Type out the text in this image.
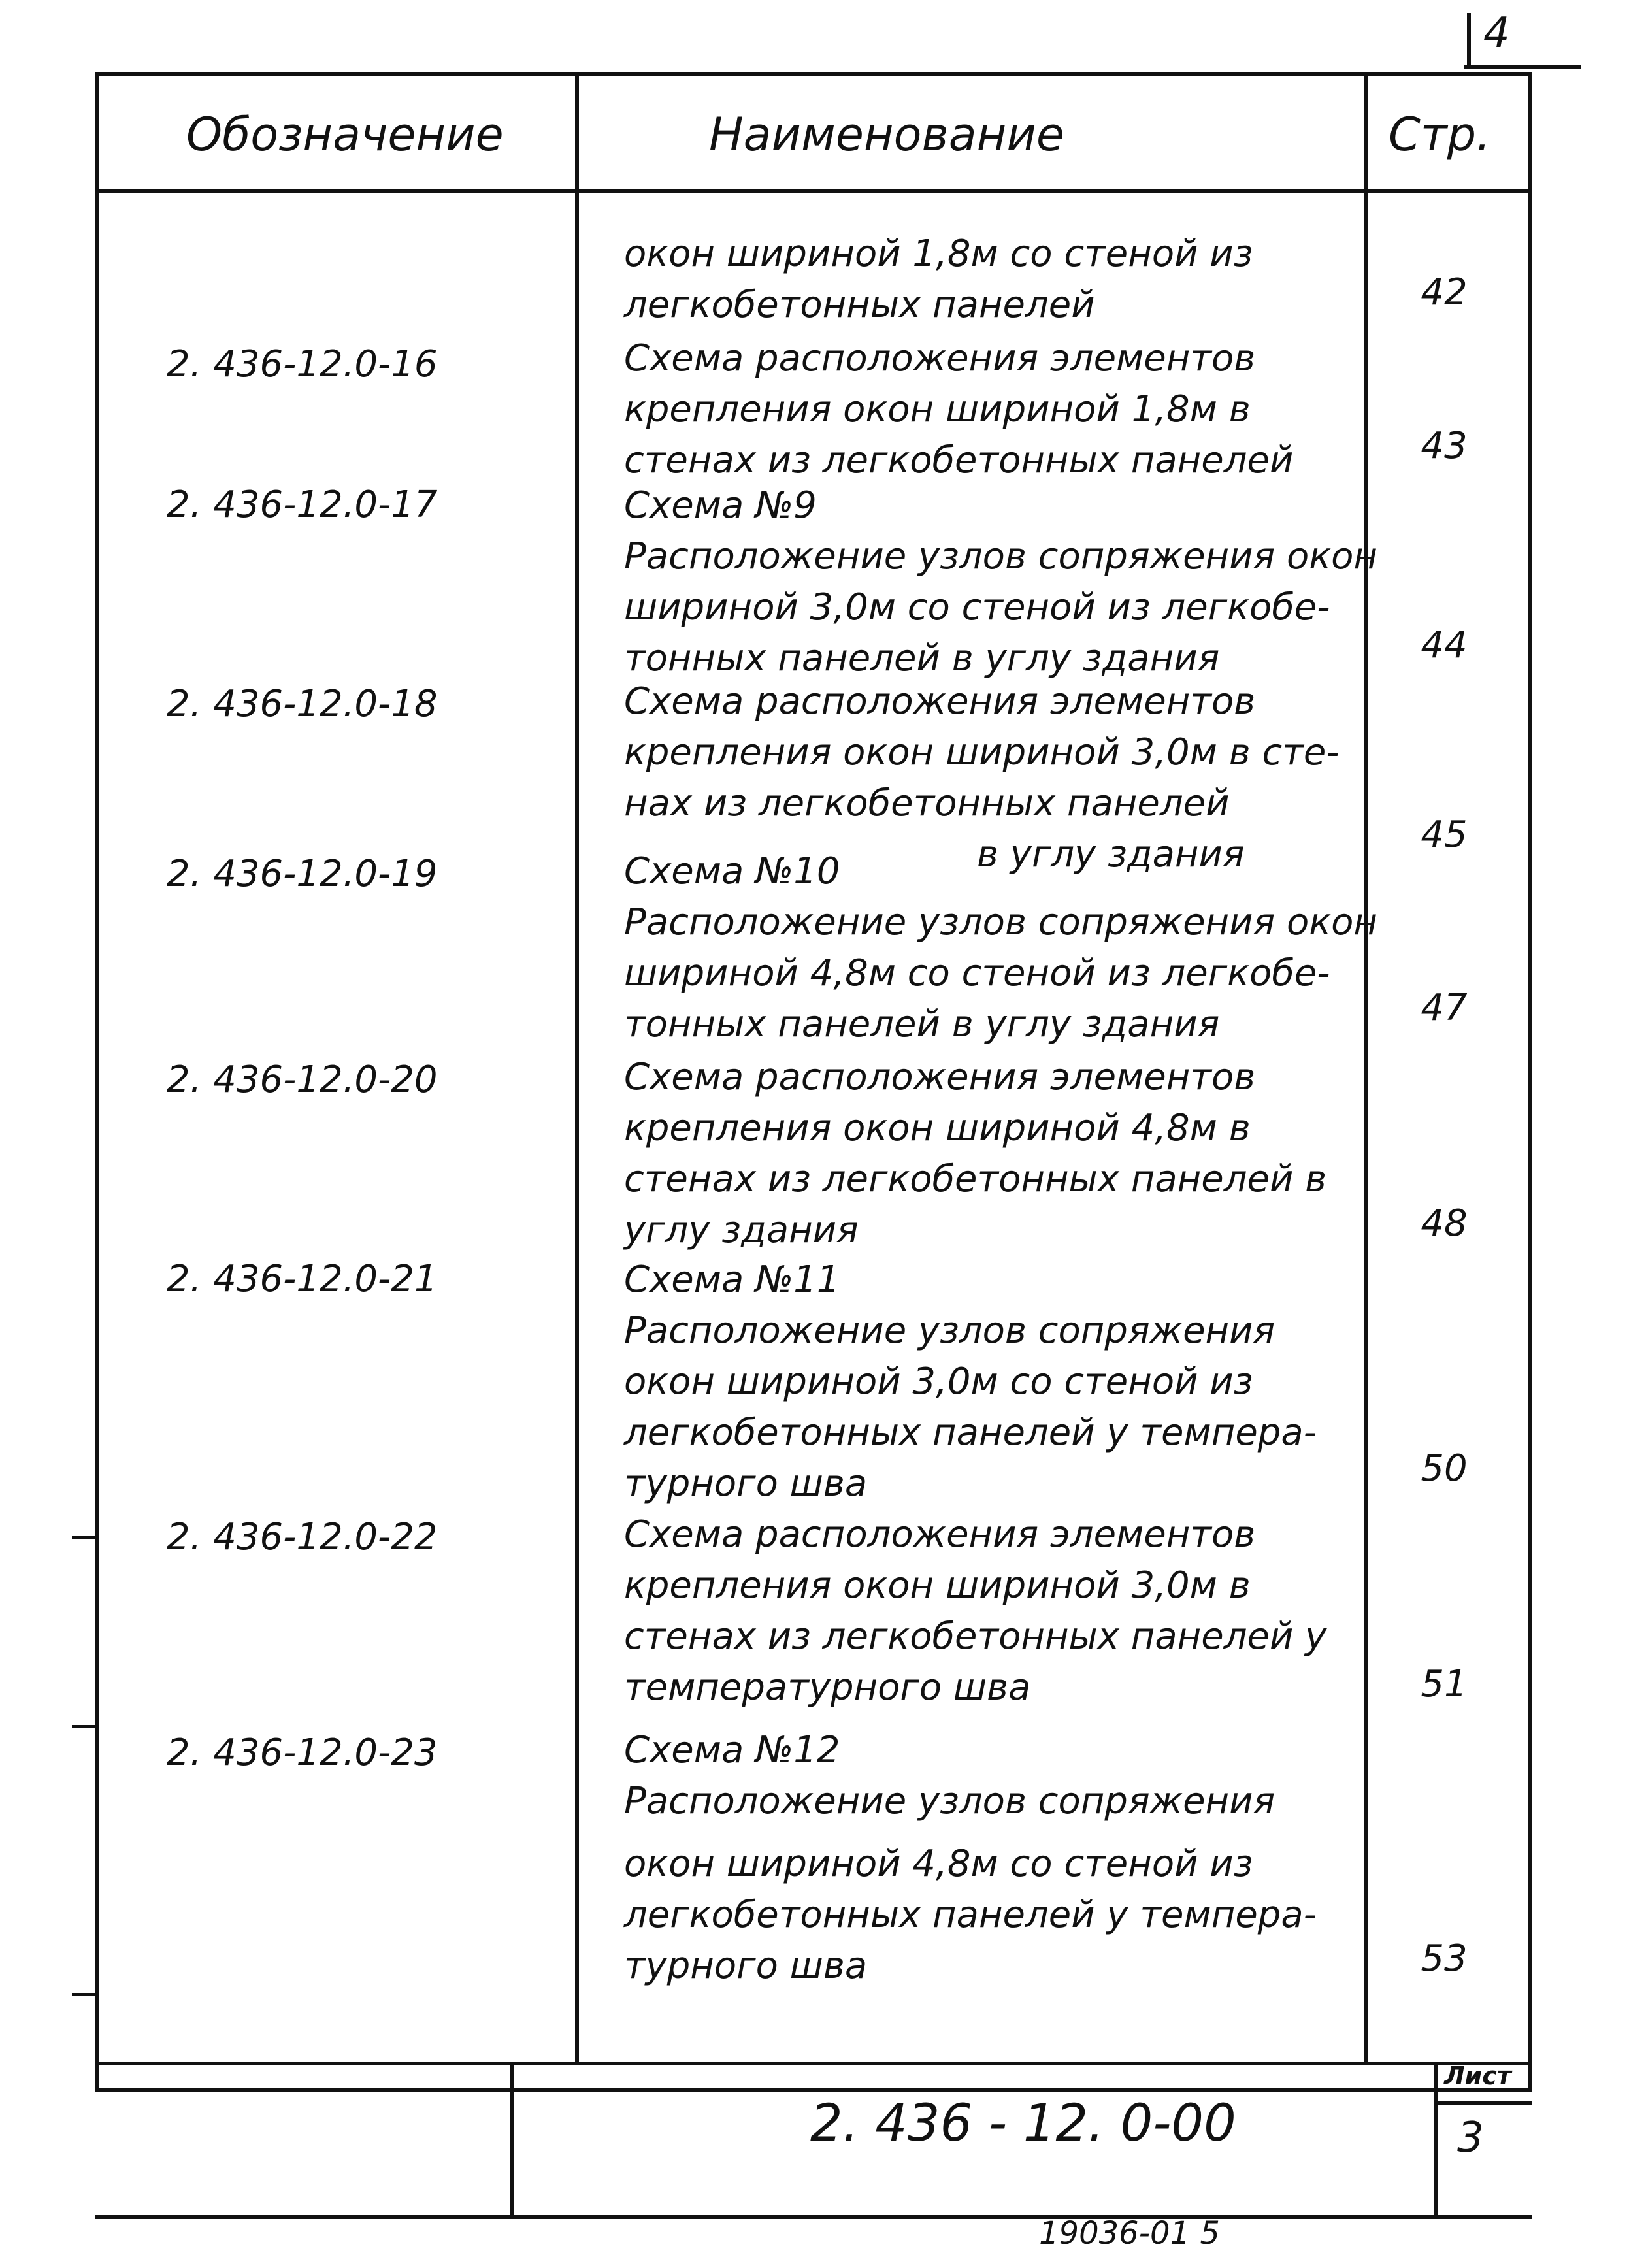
4
Обозначение	Наименование	Стр.
окон шириной 1,8м со стеной из
легкобетонных панелей	42
2. 436-12.0-16	Схема расположения элементов
крепления окон шириной 1,8м в
стенах из легкобетонных панелей	43
2. 436-12.0-17	Схема №9
Расположение узлов сопряжения окон
шириной 3,0м со стеной из легкобе-
тонных панелей в углу здания	44
2. 436-12.0-18	Схема расположения элементов
крепления окон шириной 3,0м в сте-
нах из легкобетонных панелей
в углу здания	45
2. 436-12.0-19	Схема №10
Расположение узлов сопряжения окон
шириной 4,8м со стеной из легкобе-
тонных панелей в углу здания	47
2. 436-12.0-20	Схема расположения элементов
крепления окон шириной 4,8м в
стенах из легкобетонных панелей в
углу здания	48
2. 436-12.0-21	Схема №11
Расположение узлов сопряжения
окон шириной 3,0м со стеной из
легкобетонных панелей у темпера-
турного шва	50
2. 436-12.0-22	Схема расположения элементов
крепления окон шириной 3,0м в
стенах из легкобетонных панелей у
температурного шва	51
2. 436-12.0-23	Схема №12
Расположение узлов сопряжения
окон шириной 4,8м со стеной из
легкобетонных панелей у темпера-
турного шва	53
2. 436 - 12. 0-00
Лист
3
19036-01 5
